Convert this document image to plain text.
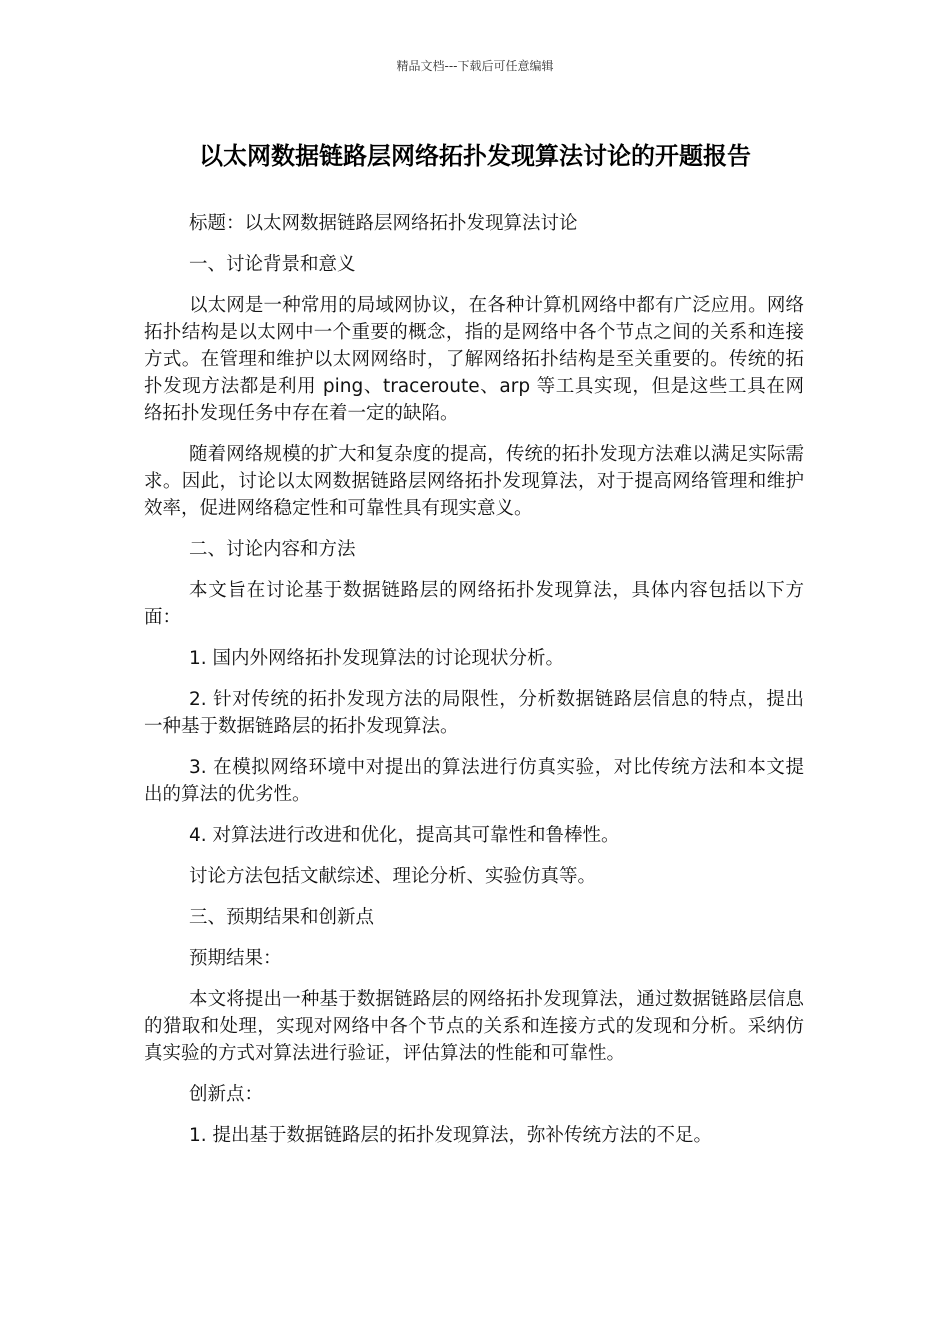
精品文档---下载后可任意编辑
以太网数据链路层网络拓扑发现算法讨论的开题报告

标题：以太网数据链路层网络拓扑发现算法讨论

一、讨论背景和意义

以太网是一种常用的局域网协议，在各种计算机网络中都有广泛应用。网络拓扑结构是以太网中一个重要的概念，指的是网络中各个节点之间的关系和连接方式。在管理和维护以太网网络时，了解网络拓扑结构是至关重要的。传统的拓扑发现方法都是利用 ping、traceroute、arp 等工具实现，但是这些工具在网络拓扑发现任务中存在着一定的缺陷。

随着网络规模的扩大和复杂度的提高，传统的拓扑发现方法难以满足实际需求。因此，讨论以太网数据链路层网络拓扑发现算法，对于提高网络管理和维护效率，促进网络稳定性和可靠性具有现实意义。

二、讨论内容和方法

本文旨在讨论基于数据链路层的网络拓扑发现算法，具体内容包括以下方面：

1. 国内外网络拓扑发现算法的讨论现状分析。

2. 针对传统的拓扑发现方法的局限性，分析数据链路层信息的特点，提出一种基于数据链路层的拓扑发现算法。

3. 在模拟网络环境中对提出的算法进行仿真实验，对比传统方法和本文提出的算法的优劣性。

4. 对算法进行改进和优化，提高其可靠性和鲁棒性。

讨论方法包括文献综述、理论分析、实验仿真等。

三、预期结果和创新点

预期结果：

本文将提出一种基于数据链路层的网络拓扑发现算法，通过数据链路层信息的猎取和处理，实现对网络中各个节点的关系和连接方式的发现和分析。采纳仿真实验的方式对算法进行验证，评估算法的性能和可靠性。

创新点：

1. 提出基于数据链路层的拓扑发现算法，弥补传统方法的不足。
